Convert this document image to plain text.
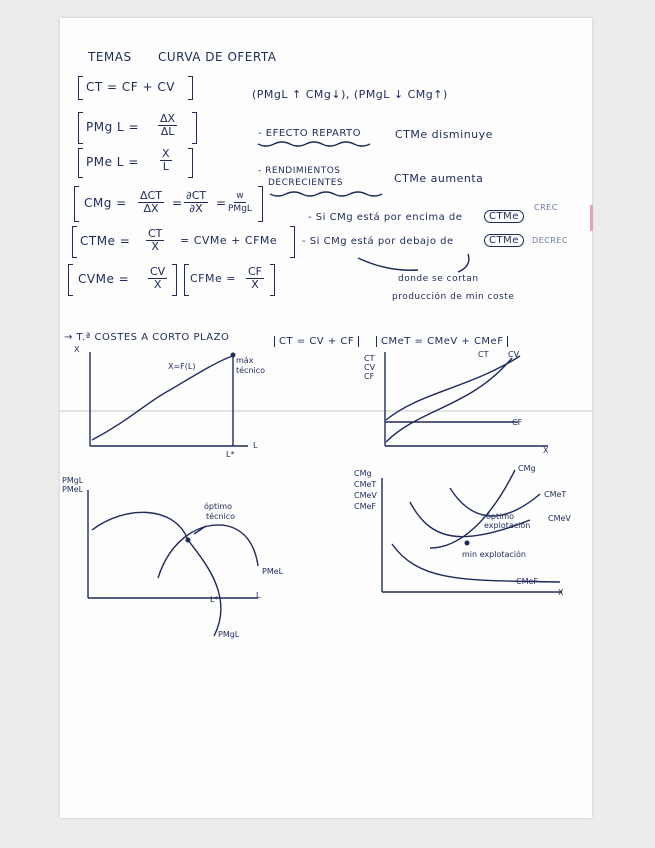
TEMAS CURVA DE OFERTA
CT = CF + CV
(PMgL ↑ CMg↓), (PMgL ↓ CMg↑)
PMg $L = \frac{\Delta X}{\Delta L}$	- EFECTO REPARTO	CTMe disminuye
PMe $L = \frac{X}{L}$	- RENDIMIENTOS
DECRECIENTES	CTMe aumenta
CMg =
ΔCT
$\Delta X = \frac{\partial CT}{\partial X} = w$
PMgL
- Si CMg está por encima de	CTMe
CREC
CTMe = $\frac{CT}{X}$ = CVMe + CFMe - Si CMg está por debajo de	CTMe	DECREC
CVMe = $\frac{CV}{X}$ CFMe = $\frac{CF}{X}$	donde se cortan
producción de min coste
→ T.ª COSTES A CORTO PLAZO	CT = CV + CF	CMeT = CMeV + CMeF
X
L
X=F(L)
máx
técnico
L*
CT
CV
CF
X
CT CV
CF
PMgL
PMeL
L
óptimo
técnico
PMeL
PMgL
L*
CMg
CMeT
CMeV
CMeF
X
CMg
CMeT
CMeV
CMeF
óptimo
explotación
min explotación
